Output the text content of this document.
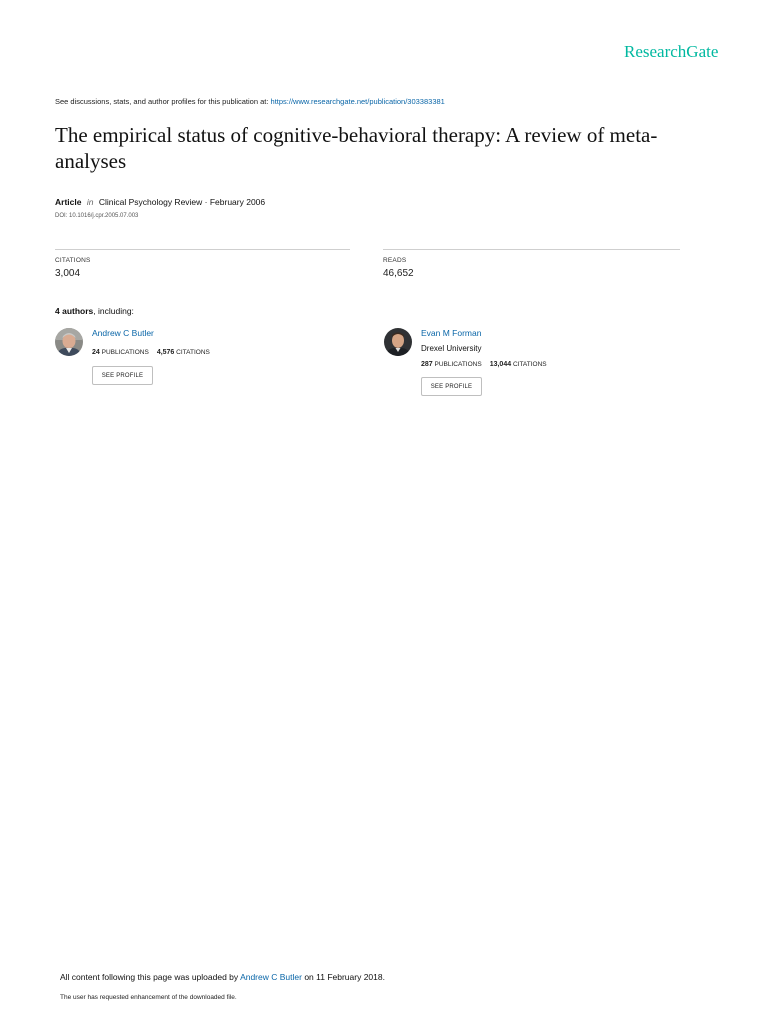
ResearchGate
See discussions, stats, and author profiles for this publication at: https://www.researchgate.net/publication/303383381
The empirical status of cognitive-behavioral therapy: A review of meta-analyses
Article in Clinical Psychology Review · February 2006
DOI: 10.1016/j.cpr.2005.07.003
CITATIONS
3,004
READS
46,652
4 authors, including:
Andrew C Butler
24 PUBLICATIONS 4,576 CITATIONS
SEE PROFILE
Evan M Forman
Drexel University
287 PUBLICATIONS 13,044 CITATIONS
SEE PROFILE
All content following this page was uploaded by Andrew C Butler on 11 February 2018.
The user has requested enhancement of the downloaded file.
